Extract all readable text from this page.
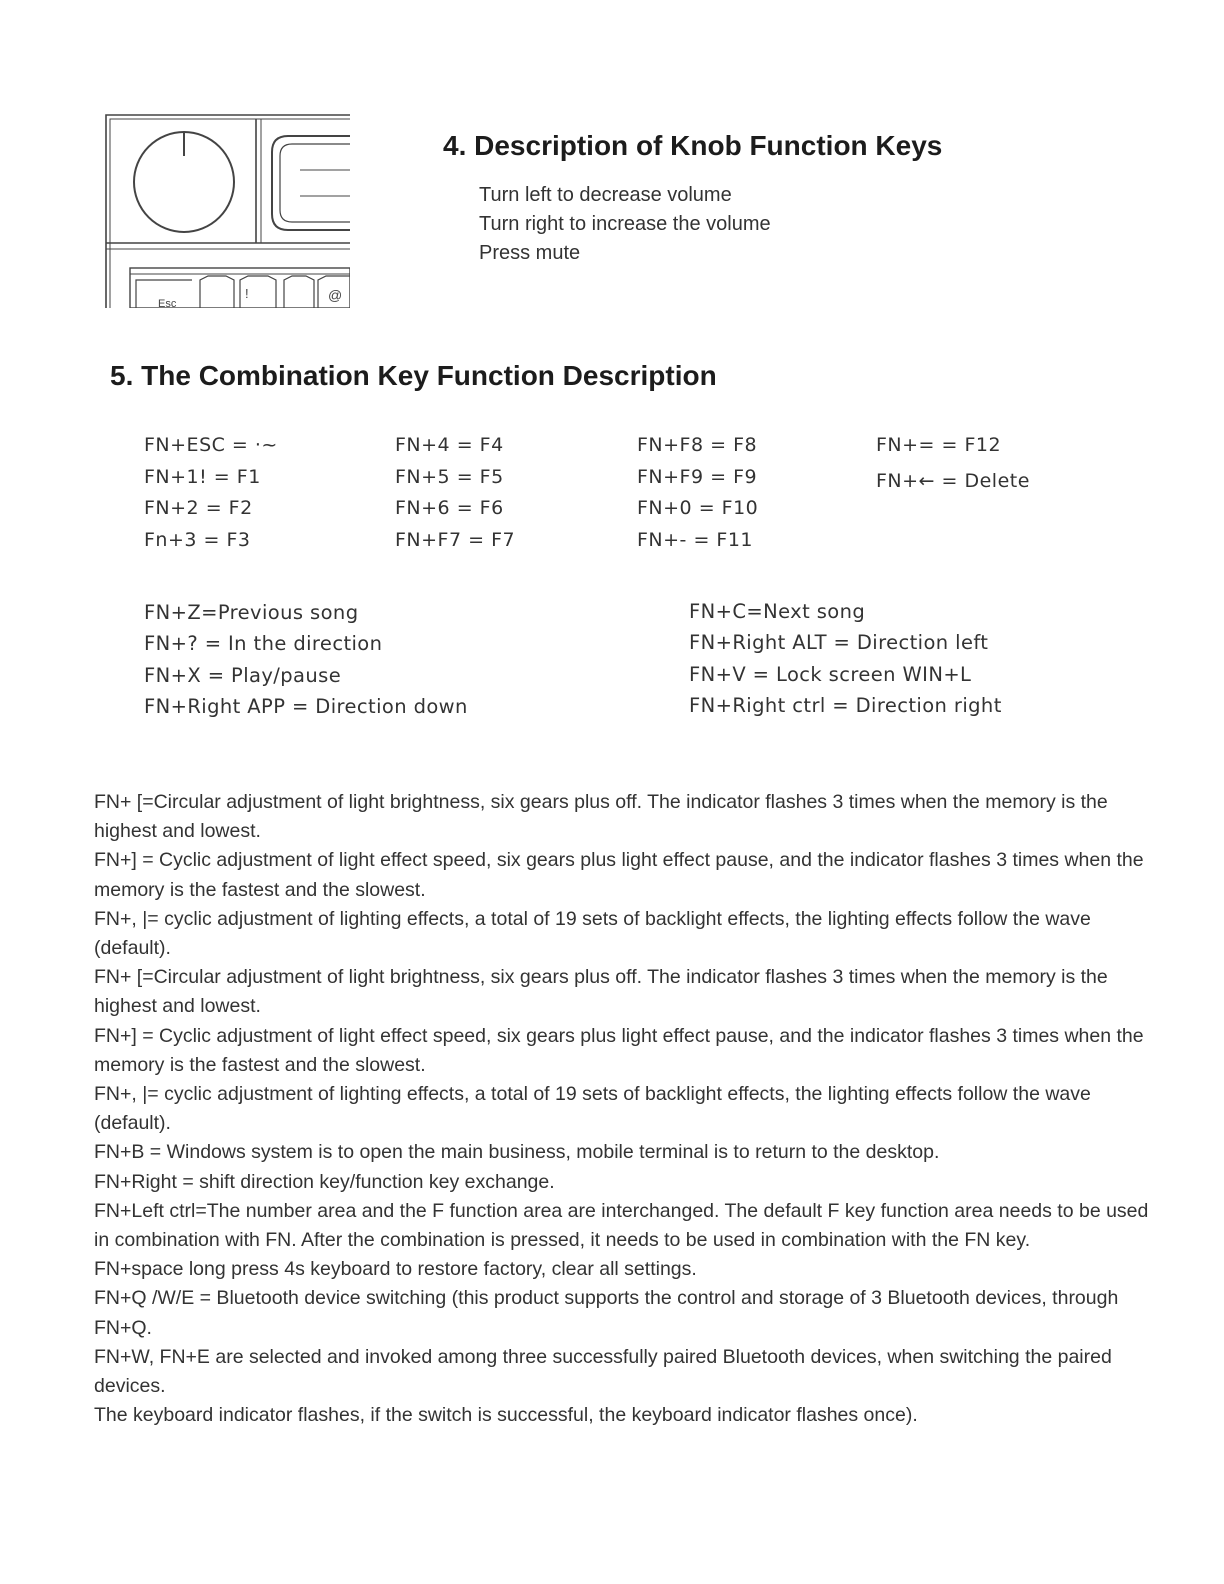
Esc
!	@
4. Description of Knob Function Keys
Turn left to decrease volume
Turn right to increase the volume
Press mute
5. The Combination Key Function Description
FN+ESC = ·~
FN+1! = F1
FN+2 = F2
Fn+3 = F3
FN+4 = F4
FN+5 = F5
FN+6 = F6
FN+F7 = F7
FN+F8 = F8
FN+F9 = F9
FN+0 = F10
FN+- = F11
FN+= = F12
FN+← = Delete
FN+Z=Previous song
FN+? = In the direction
FN+X = Play/pause
FN+Right APP = Direction down
FN+C=Next song
FN+Right ALT = Direction left
FN+V = Lock screen WIN+L
FN+Right ctrl = Direction right

FN+ [=Circular adjustment of light brightness, six gears plus off. The indicator flashes 3 times when the memory is the highest and lowest.

FN+] = Cyclic adjustment of light effect speed, six gears plus light effect pause, and the indicator flashes 3 times when the memory is the fastest and the slowest.

FN+, |= cyclic adjustment of lighting effects, a total of 19 sets of backlight effects, the lighting effects follow the wave (default).

FN+ [=Circular adjustment of light brightness, six gears plus off. The indicator flashes 3 times when the memory is the highest and lowest.

FN+] = Cyclic adjustment of light effect speed, six gears plus light effect pause, and the indicator flashes 3 times when the memory is the fastest and the slowest.

FN+, |= cyclic adjustment of lighting effects, a total of 19 sets of backlight effects, the lighting effects follow the wave (default).

FN+B = Windows system is to open the main business, mobile terminal is to return to the desktop.

FN+Right = shift direction key/function key exchange.

FN+Left ctrl=The number area and the F function area are interchanged. The default F key function area needs to be used in combination with FN. After the combination is pressed, it needs to be used in combination with the FN key.

FN+space long press 4s keyboard to restore factory, clear all settings.

FN+Q /W/E = Bluetooth device switching (this product supports the control and storage of 3 Bluetooth devices, through FN+Q.

FN+W, FN+E are selected and invoked among three successfully paired Bluetooth devices, when switching the paired devices.

The keyboard indicator flashes, if the switch is successful, the keyboard indicator flashes once).
